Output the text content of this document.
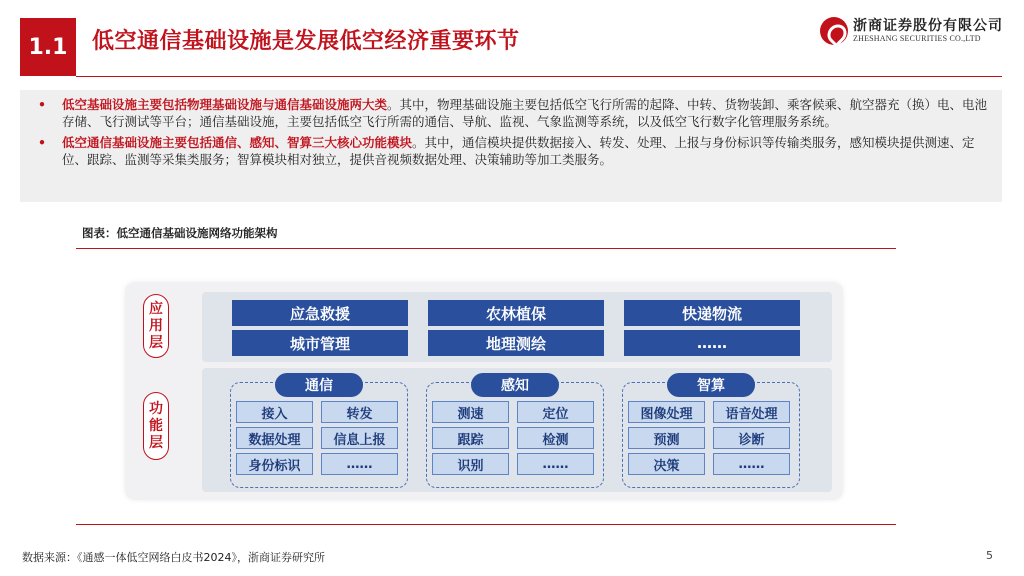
1.1	低空通信基础设施是发展低空经济重要环节
浙商证券股份有限公司
ZHESHANG SECURITIES CO.,LTD
• 低空基础设施主要包括物理基础设施与通信基础设施两大类。其中，物理基础设施主要包括低空飞行所需的起降、中转、货物装卸、乘客候乘、航空器充（换）电、电池存储、飞行测试等平台；通信基础设施，主要包括低空飞行所需的通信、导航、监视、气象监测等系统，以及低空飞行数字化管理服务系统。
• 低空通信基础设施主要包括通信、感知、智算三大核心功能模块。其中，通信模块提供数据接入、转发、处理、上报与身份标识等传输类服务，感知模块提供测速、定位、跟踪、监测等采集类服务；智算模块相对独立，提供音视频数据处理、决策辅助等加工类服务。
图表：低空通信基础设施网络功能架构
应
用
层
功
能
层
应急救援	农林植保	快递物流
城市管理	地理测绘	……
通信
接入	转发
数据处理	信息上报
身份标识	……
感知
测速	定位
跟踪	检测
识别	……
智算
图像处理	语音处理
预测	诊断
决策	……
数据来源：《通感一体低空网络白皮书2024》，浙商证券研究所	5
